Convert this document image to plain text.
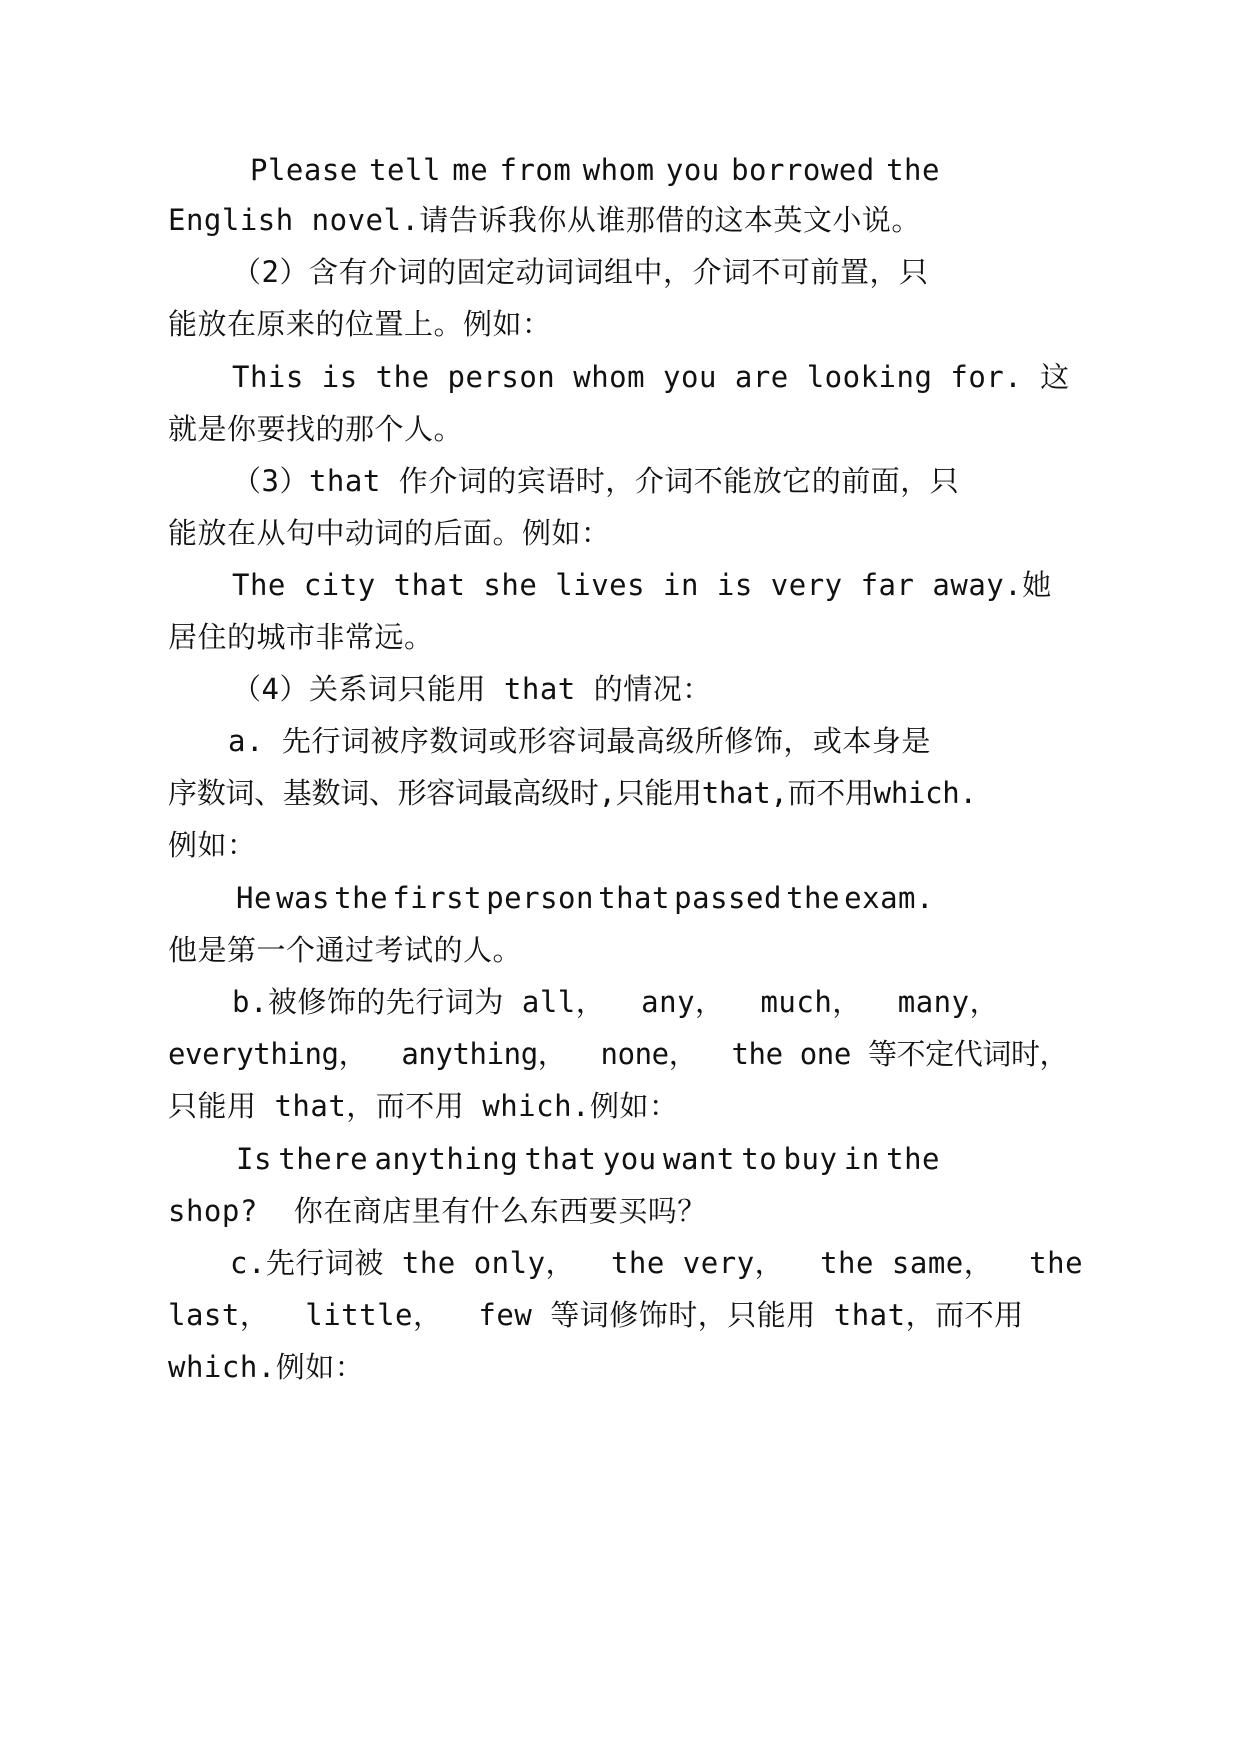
Please tell me from whom you borrowed the
English novel.请告诉我你从谁那借的这本英文小说。
（2）含有介词的固定动词词组中，介词不可前置，只
能放在原来的位置上。例如：
This is the person whom you are looking for. 这
就是你要找的那个人。
（3）that 作介词的宾语时，介词不能放它的前面，只
能放在从句中动词的后面。例如：
The city that she lives in is very far away.她
居住的城市非常远。
（4）关系词只能用 that 的情况：
a. 先行词被序数词或形容词最高级所修饰，或本身是
序数词、基数词、形容词最高级时,只能用that,而不用which.
例如：
He was the first person that passed the exam.
他是第一个通过考试的人。
b.被修饰的先行词为 all，  any，  much，  many，
everything，  anything，  none，  the one 等不定代词时，
只能用 that，而不用 which.例如：
Is there anything that you want to buy in the
shop?  你在商店里有什么东西要买吗？
c.先行词被 the only，  the very，  the same，  the
last，  little，  few 等词修饰时，只能用 that，而不用
which.例如：
